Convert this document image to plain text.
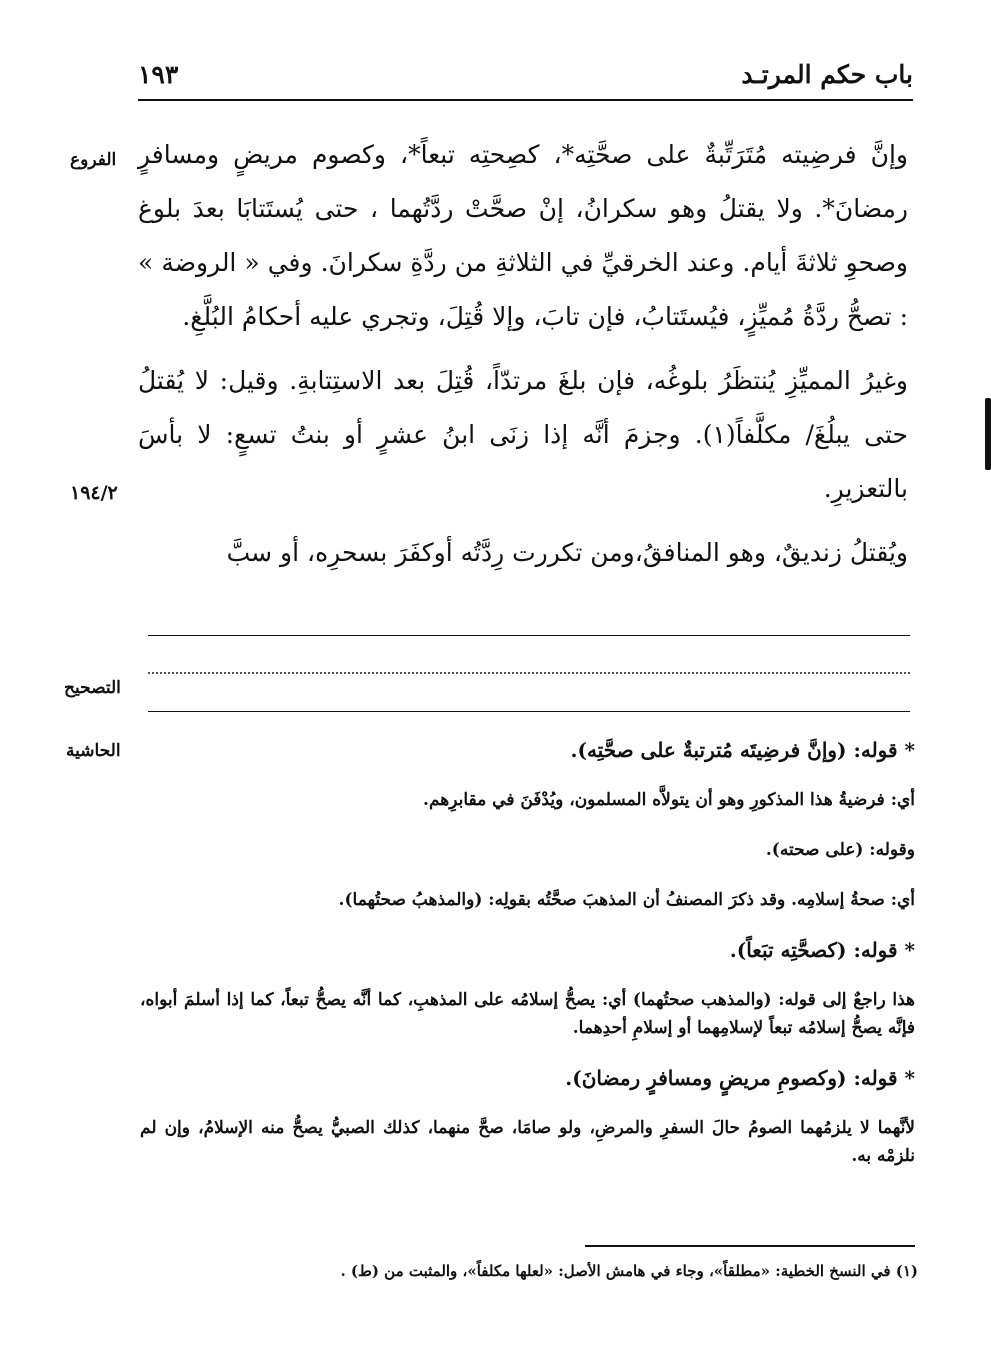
باب حكم المرتـد
١٩٣
الفروع
١٩٤/٢
التصحيح
الحاشية

وإنَّ فرضِيته مُتَرَتِّبةٌ على صحَّتِه*، كصِحتِه تبعاً*، وكصوم مريضٍ ومسافرٍ رمضانَ*. ولا يقتلُ وهو سكرانُ، إنْ صحَّتْ ردَّتُهما ، حتى يُستَتابَا بعدَ بلوغ وصحوِ ثلاثةَ أيام. وعند الخرقيِّ في الثلاثةِ من ردَّةِ سكرانَ. وفي « الروضة » : تصحُّ ردَّةُ مُميِّزٍ، فيُستَتابُ، فإن تابَ، وإلا قُتِلَ، وتجري عليه أحكامُ البُلَّغِ.

وغيرُ المميِّزِ يُنتظَرُ بلوغُه، فإن بلغَ مرتدّاً، قُتِلَ بعد الاستِتابةِ. وقيل: لا يُقتلُ حتى يبلُغَ/ مكلَّفاً(١). وجزمَ أنَّه إذا زنَى ابنُ عشرٍ أو بنتُ تسعٍ: لا بأسَ بالتعزيرِ.

ويُقتلُ زنديقٌ، وهو المنافقُ،ومن تكررت رِدَّتُه أوكفَرَ بسحرِه، أو سبَّ

* قوله: (وإنَّ فرضِيتَه مُترتبةٌ على صحَّتِه).
أي: فرضيةُ هذا المذكورِ وهو أن يتولاَّه المسلمون، ويُدْفَنَ في مقابرِهم.
وقوله: (على صحته).
أي: صحةُ إسلامِه. وقد ذكرَ المصنفُ أن المذهبَ صحَّتُه بقولِه: (والمذهبُ صحتُهما).
* قوله: (كصحَّتِه تبَعاً).
هذا راجعٌ إلى قوله: (والمذهب صحتُهما) أي: يصحُّ إسلامُه على المذهبِ، كما أنَّه يصحُّ تبعاً، كما إذا أسلمَ أبواه، فإنَّه يصحُّ إسلامُه تبعاً لإسلامِهما أو إسلامِ أحدِهما.
* قوله: (وكصومِ مريضٍ ومسافرٍ رمضانَ).
لأنَّهما لا يلزمُهما الصومُ حالَ السفرِ والمرضِ، ولو صامَا، صحَّ منهما، كذلك الصبيُّ يصحُّ منه الإسلامُ، وإن لم نلزمْه به.
(١) في النسخ الخطية: «مطلقاً»، وجاء في هامش الأصل: «لعلها مكلفاً»، والمثبت من (ط) .
